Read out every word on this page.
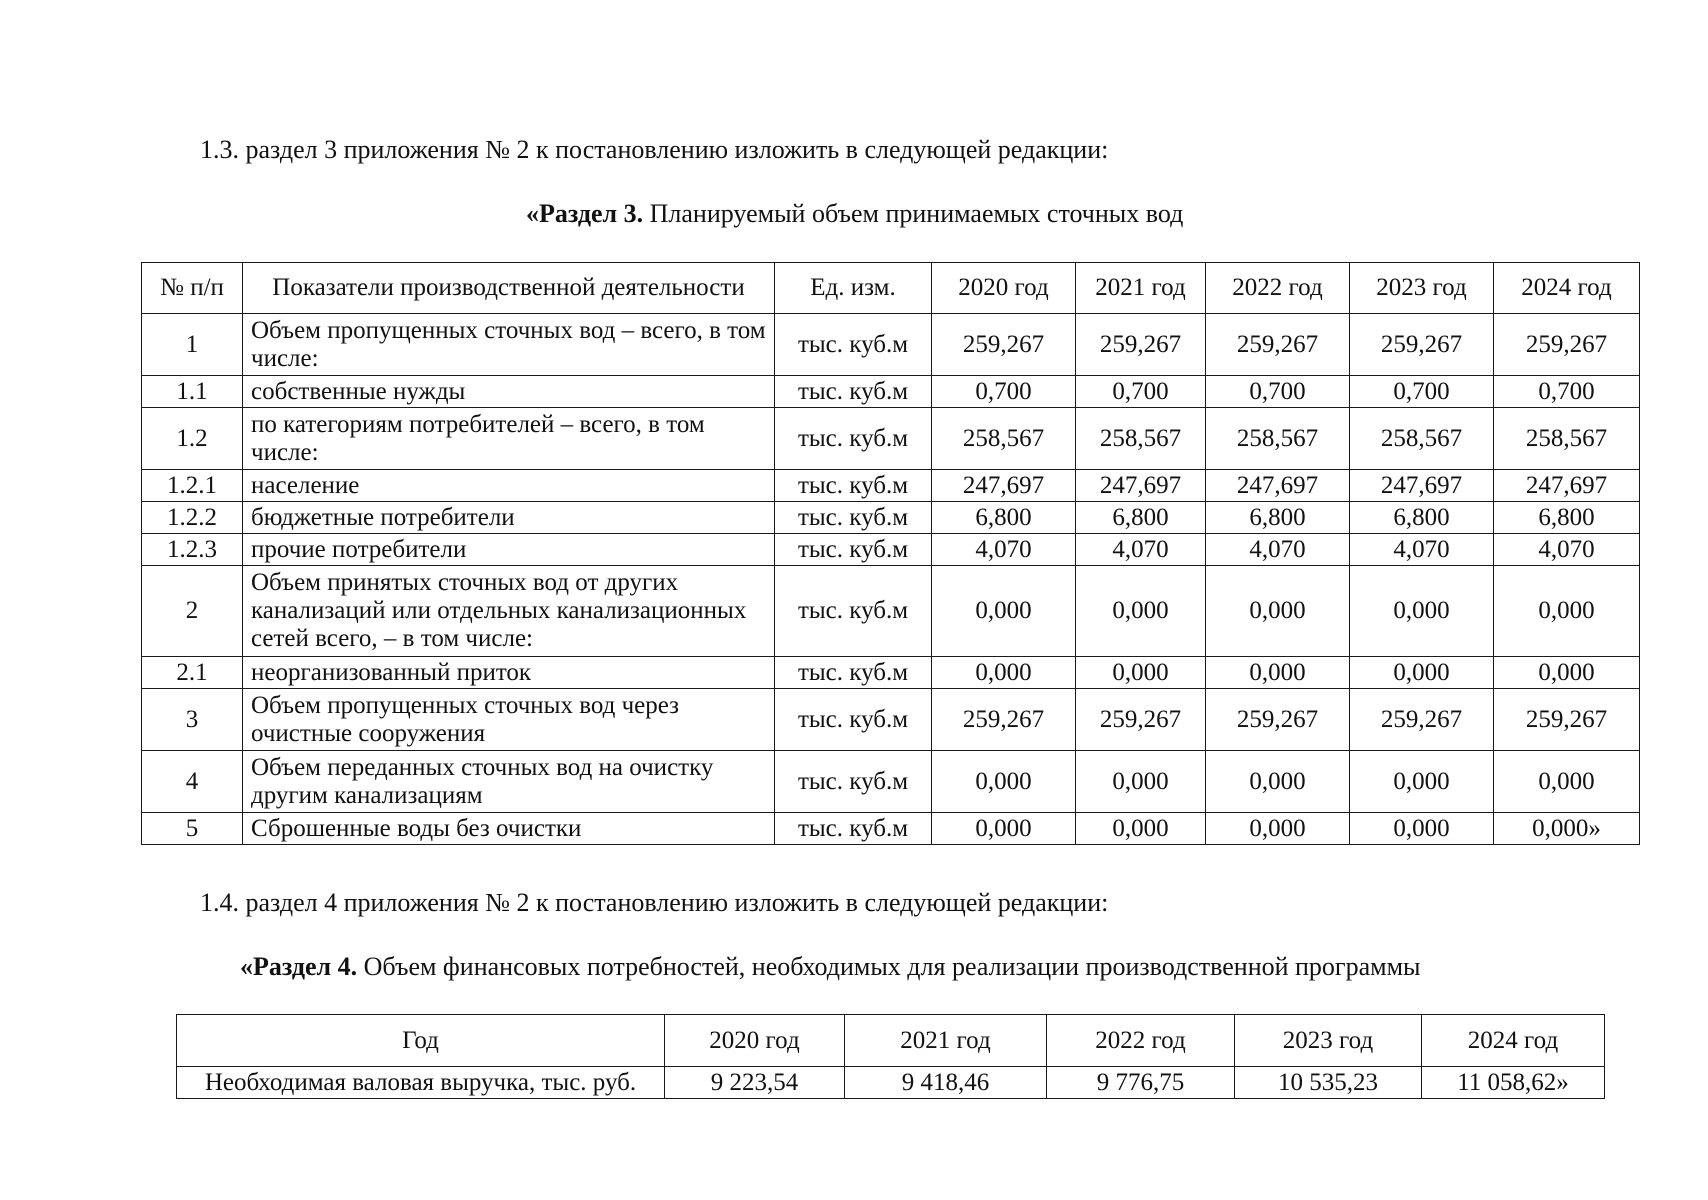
1.3. раздел 3 приложения № 2 к постановлению изложить в следующей редакции:
«Раздел 3. Планируемый объем принимаемых сточных вод
№ п/п	Показатели производственной деятельности	Ед. изм.	2020 год	2021 год	2022 год	2023 год	2024 год
1	Объем пропущенных сточных вод – всего, в том числе:	тыс. куб.м	259,267	259,267	259,267	259,267	259,267
1.1	собственные нужды	тыс. куб.м	0,700	0,700	0,700	0,700	0,700
1.2	по категориям потребителей – всего, в том числе:	тыс. куб.м	258,567	258,567	258,567	258,567	258,567
1.2.1	население	тыс. куб.м	247,697	247,697	247,697	247,697	247,697
1.2.2	бюджетные потребители	тыс. куб.м	6,800	6,800	6,800	6,800	6,800
1.2.3	прочие потребители	тыс. куб.м	4,070	4,070	4,070	4,070	4,070
2	Объем принятых сточных вод от других канализаций или отдельных канализационных сетей всего, – в том числе:	тыс. куб.м	0,000	0,000	0,000	0,000	0,000
2.1	неорганизованный приток	тыс. куб.м	0,000	0,000	0,000	0,000	0,000
3	Объем пропущенных сточных вод через очистные сооружения	тыс. куб.м	259,267	259,267	259,267	259,267	259,267
4	Объем переданных сточных вод на очистку другим канализациям	тыс. куб.м	0,000	0,000	0,000	0,000	0,000
5	Сброшенные воды без очистки	тыс. куб.м	0,000	0,000	0,000	0,000	0,000»
1.4. раздел 4 приложения № 2 к постановлению изложить в следующей редакции:
«Раздел 4. Объем финансовых потребностей, необходимых для реализации производственной программы
Год	2020 год	2021 год	2022 год	2023 год	2024 год
Необходимая валовая выручка, тыс. руб.	9 223,54	9 418,46	9 776,75	10 535,23	11 058,62»
